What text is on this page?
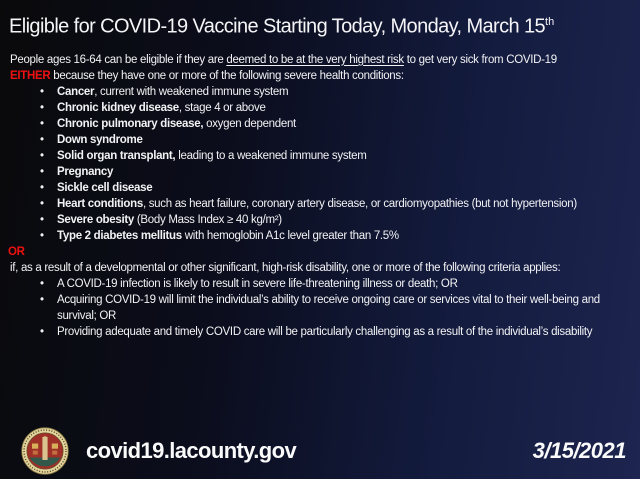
Eligible for COVID-19 Vaccine Starting Today, Monday, March 15th

People ages 16-64 can be eligible if they are deemed to be at the very highest risk to get very sick from COVID-19
EITHER because they have one or more of the following severe health conditions:

• Cancer, current with weakened immune system
• Chronic kidney disease, stage 4 or above
• Chronic pulmonary disease, oxygen dependent
• Down syndrome
• Solid organ transplant, leading to a weakened immune system
• Pregnancy
• Sickle cell disease
• Heart conditions, such as heart failure, coronary artery disease, or cardiomyopathies (but not hypertension)
• Severe obesity (Body Mass Index ≥ 40 kg/m²)
• Type 2 diabetes mellitus with hemoglobin A1c level greater than 7.5%

OR

if, as a result of a developmental or other significant, high-risk disability, one or more of the following criteria applies:

• A COVID-19 infection is likely to result in severe life-threatening illness or death; OR
• Acquiring COVID-19 will limit the individual’s ability to receive ongoing care or services vital to their well-being and survival; OR
• Providing adequate and timely COVID care will be particularly challenging as a result of the individual’s disability
covid19.lacounty.gov	3/15/2021
